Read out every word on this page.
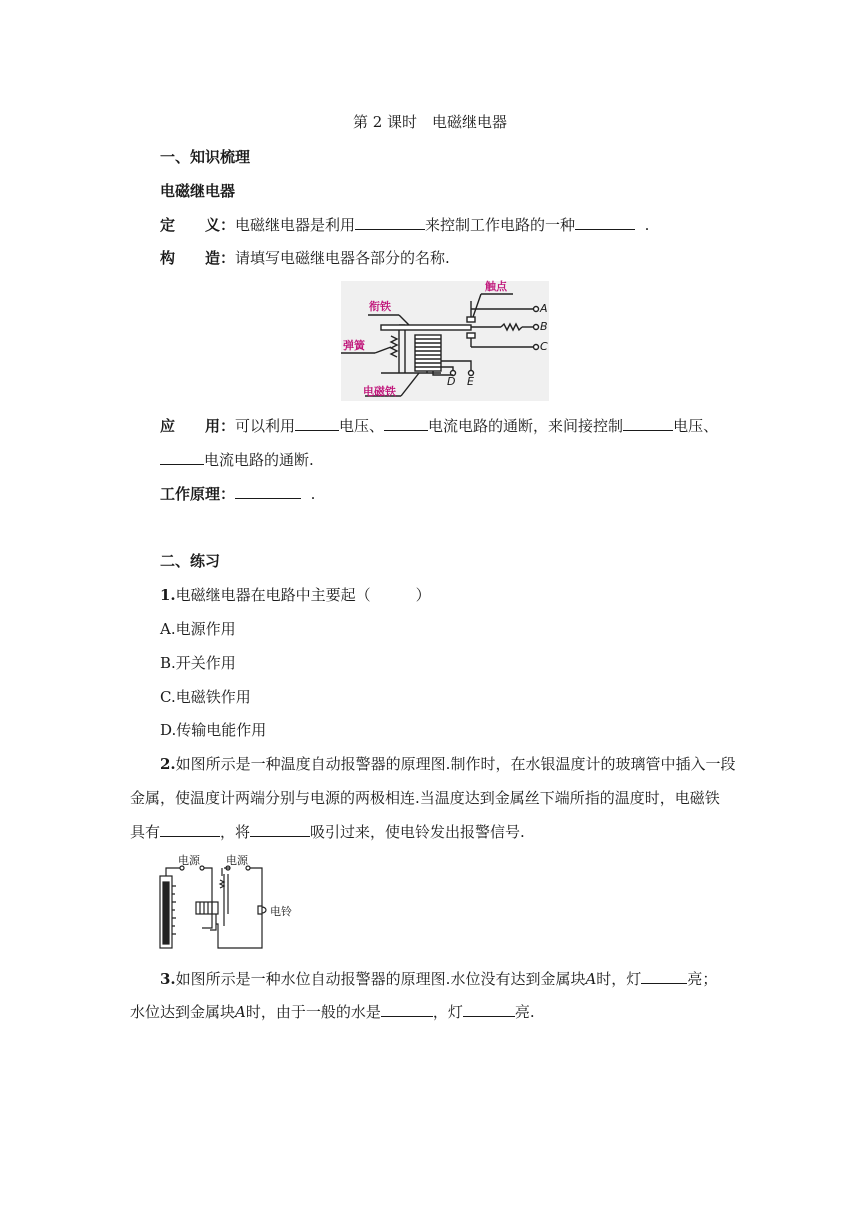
第 2 课时　电磁继电器
一、知识梳理
电磁继电器
定　　义：电磁继电器是利用	来控制工作电路的一种	.
构　　造：请填写电磁继电器各部分的名称.
衔铁
触点
弹簧
电磁铁
A
B
C
D E
应　　用：可以利用	电压、	电流电路的通断，来间接控制	电压、
电流电路的通断.
工作原理：	.
二、练习
1.电磁继电器在电路中主要起（　　　）
A.电源作用
B.开关作用
C.电磁铁作用
D.传输电能作用
2.如图所示是一种温度自动报警器的原理图.制作时，在水银温度计的玻璃管中插入一段
金属，使温度计两端分别与电源的两极相连.当温度达到金属丝下端所指的温度时，电磁铁
具有	，将	吸引过来，使电铃发出报警信号.
电源 电源
电铃
3.如图所示是一种水位自动报警器的原理图.水位没有达到金属块A时，灯	亮；
水位达到金属块A时，由于一般的水是	，灯	亮.
